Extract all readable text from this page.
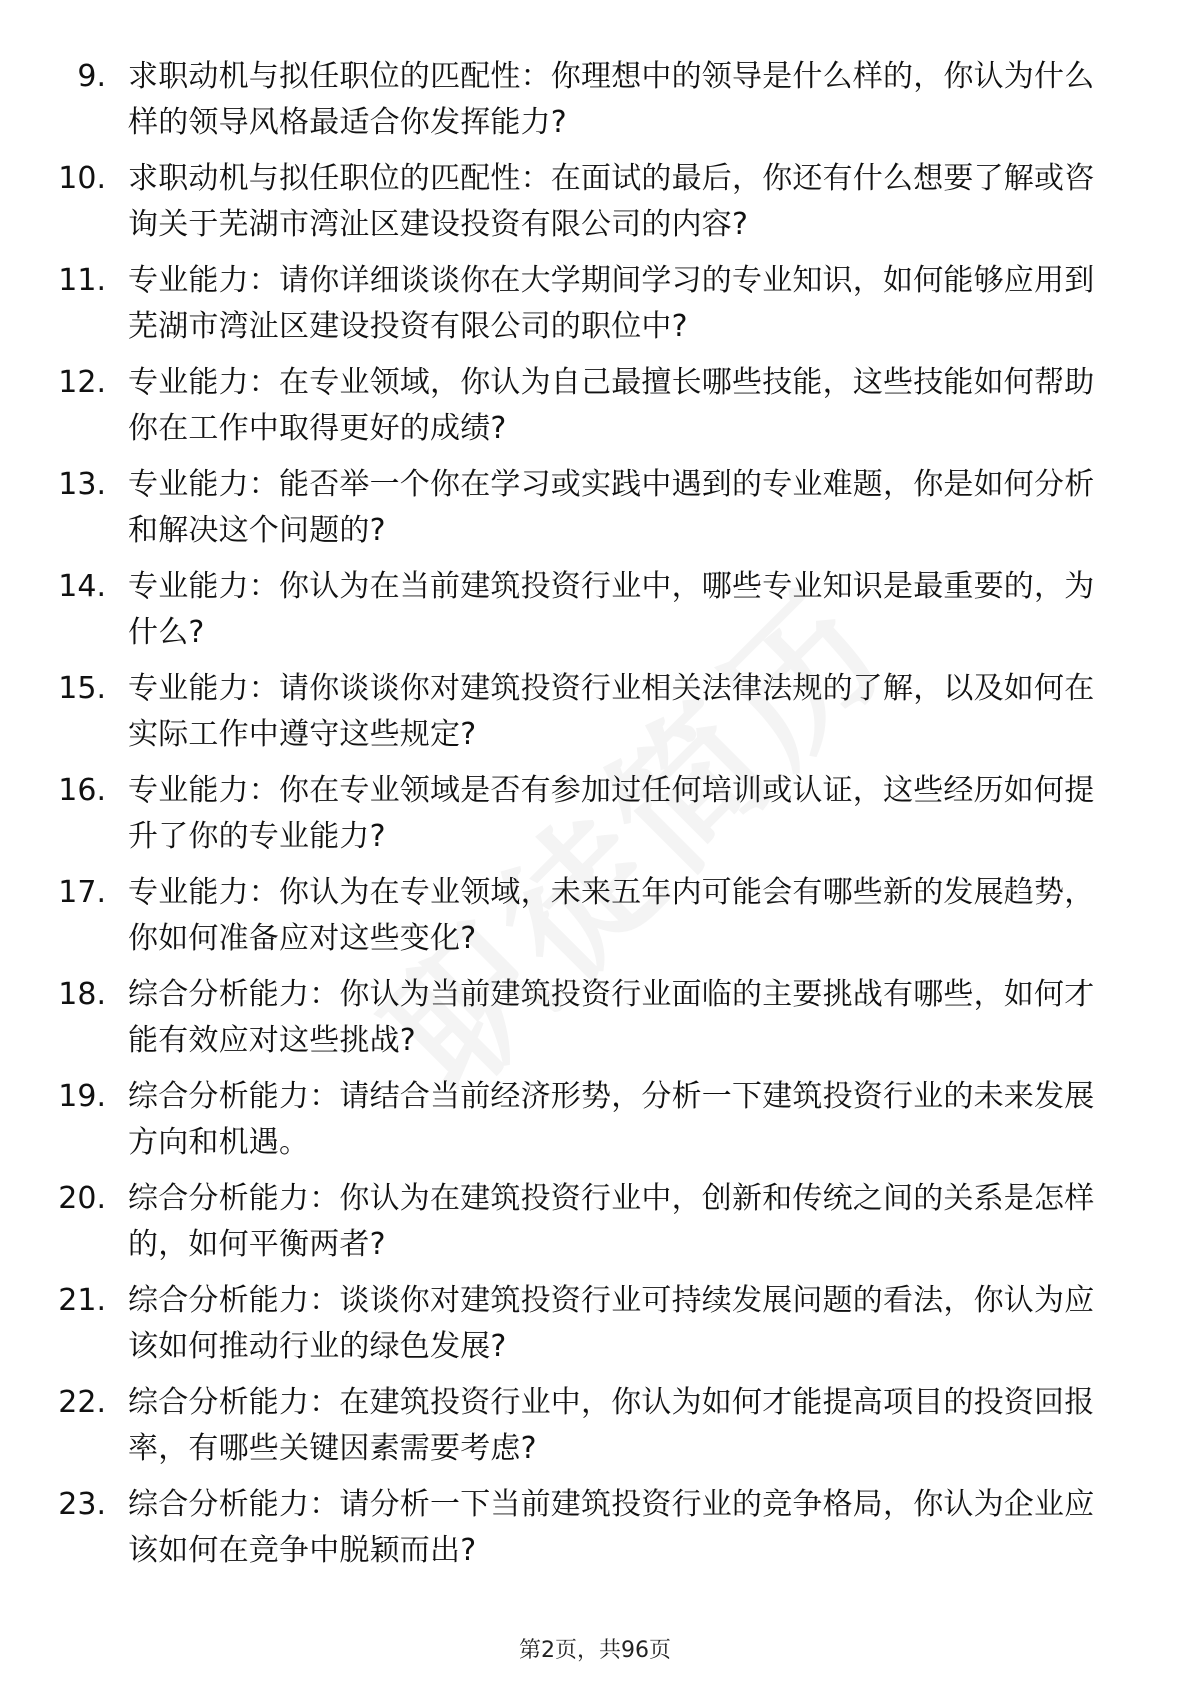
9. 求职动机与拟任职位的匹配性：你理想中的领导是什么样的，你认为什么样的领导风格最适合你发挥能力?
10. 求职动机与拟任职位的匹配性：在面试的最后，你还有什么想要了解或咨询关于芜湖市湾沚区建设投资有限公司的内容?
11. 专业能力：请你详细谈谈你在大学期间学习的专业知识，如何能够应用到芜湖市湾沚区建设投资有限公司的职位中?
12. 专业能力：在专业领域，你认为自己最擅长哪些技能，这些技能如何帮助你在工作中取得更好的成绩?
13. 专业能力：能否举一个你在学习或实践中遇到的专业难题，你是如何分析和解决这个问题的?
14. 专业能力：你认为在当前建筑投资行业中，哪些专业知识是最重要的，为什么?
15. 专业能力：请你谈谈你对建筑投资行业相关法律法规的了解，以及如何在实际工作中遵守这些规定?
16. 专业能力：你在专业领域是否有参加过任何培训或认证，这些经历如何提升了你的专业能力?
17. 专业能力：你认为在专业领域，未来五年内可能会有哪些新的发展趋势，你如何准备应对这些变化?
18. 综合分析能力：你认为当前建筑投资行业面临的主要挑战有哪些，如何才能有效应对这些挑战?
19. 综合分析能力：请结合当前经济形势，分析一下建筑投资行业的未来发展方向和机遇。
20. 综合分析能力：你认为在建筑投资行业中，创新和传统之间的关系是怎样的，如何平衡两者?
21. 综合分析能力：谈谈你对建筑投资行业可持续发展问题的看法，你认为应该如何推动行业的绿色发展?
22. 综合分析能力：在建筑投资行业中，你认为如何才能提高项目的投资回报率，有哪些关键因素需要考虑?
23. 综合分析能力：请分析一下当前建筑投资行业的竞争格局，你认为企业应该如何在竞争中脱颖而出?
第2页，共96页
